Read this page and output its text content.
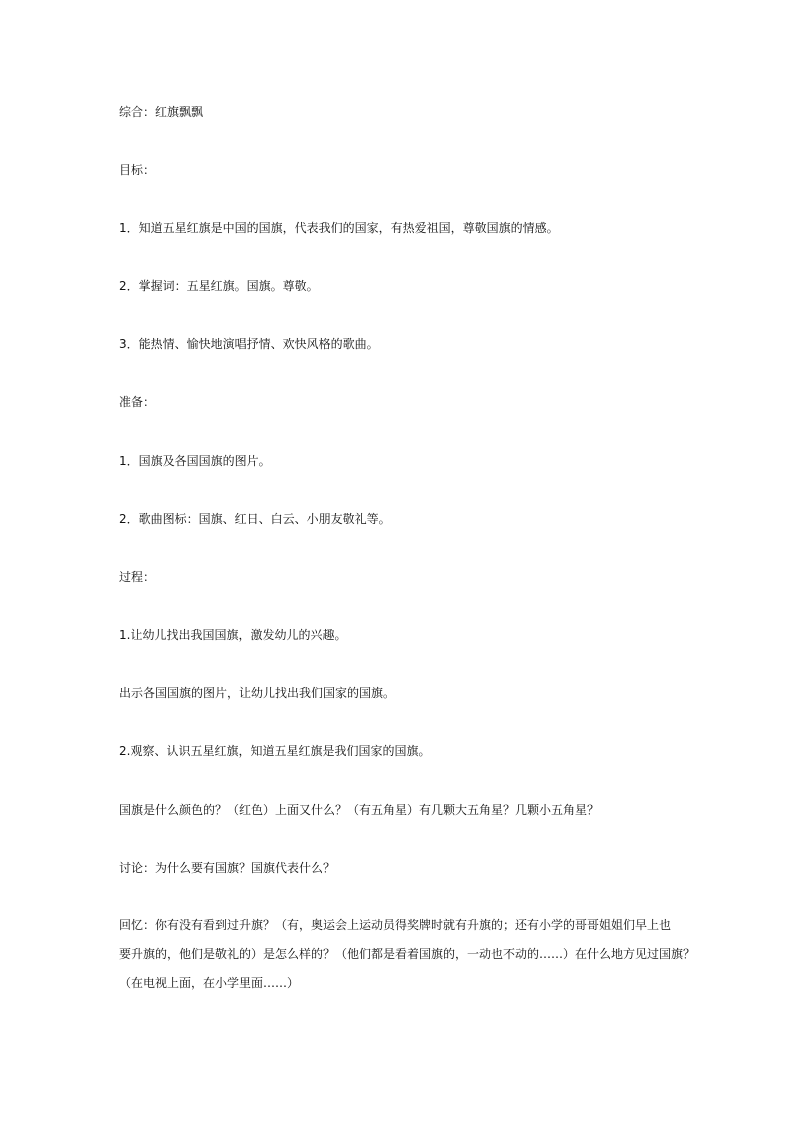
综合：红旗飘飘
目标：
1．知道五星红旗是中国的国旗，代表我们的国家，有热爱祖国，尊敬国旗的情感。
2．掌握词：五星红旗。国旗。尊敬。
3．能热情、愉快地演唱抒情、欢快风格的歌曲。
准备：
1．国旗及各国国旗的图片。
2．歌曲图标：国旗、红日、白云、小朋友敬礼等。
过程：
1.让幼儿找出我国国旗，激发幼儿的兴趣。
出示各国国旗的图片，让幼儿找出我们国家的国旗。
2.观察、认识五星红旗，知道五星红旗是我们国家的国旗。
国旗是什么颜色的？（红色）上面又什么？（有五角星）有几颗大五角星？几颗小五角星？
讨论：为什么要有国旗？国旗代表什么？
回忆：你有没有看到过升旗？（有，奥运会上运动员得奖牌时就有升旗的；还有小学的哥哥姐姐们早上也
要升旗的，他们是敬礼的）是怎么样的？（他们都是看着国旗的，一动也不动的……）在什么地方见过国旗？
（在电视上面，在小学里面……）
